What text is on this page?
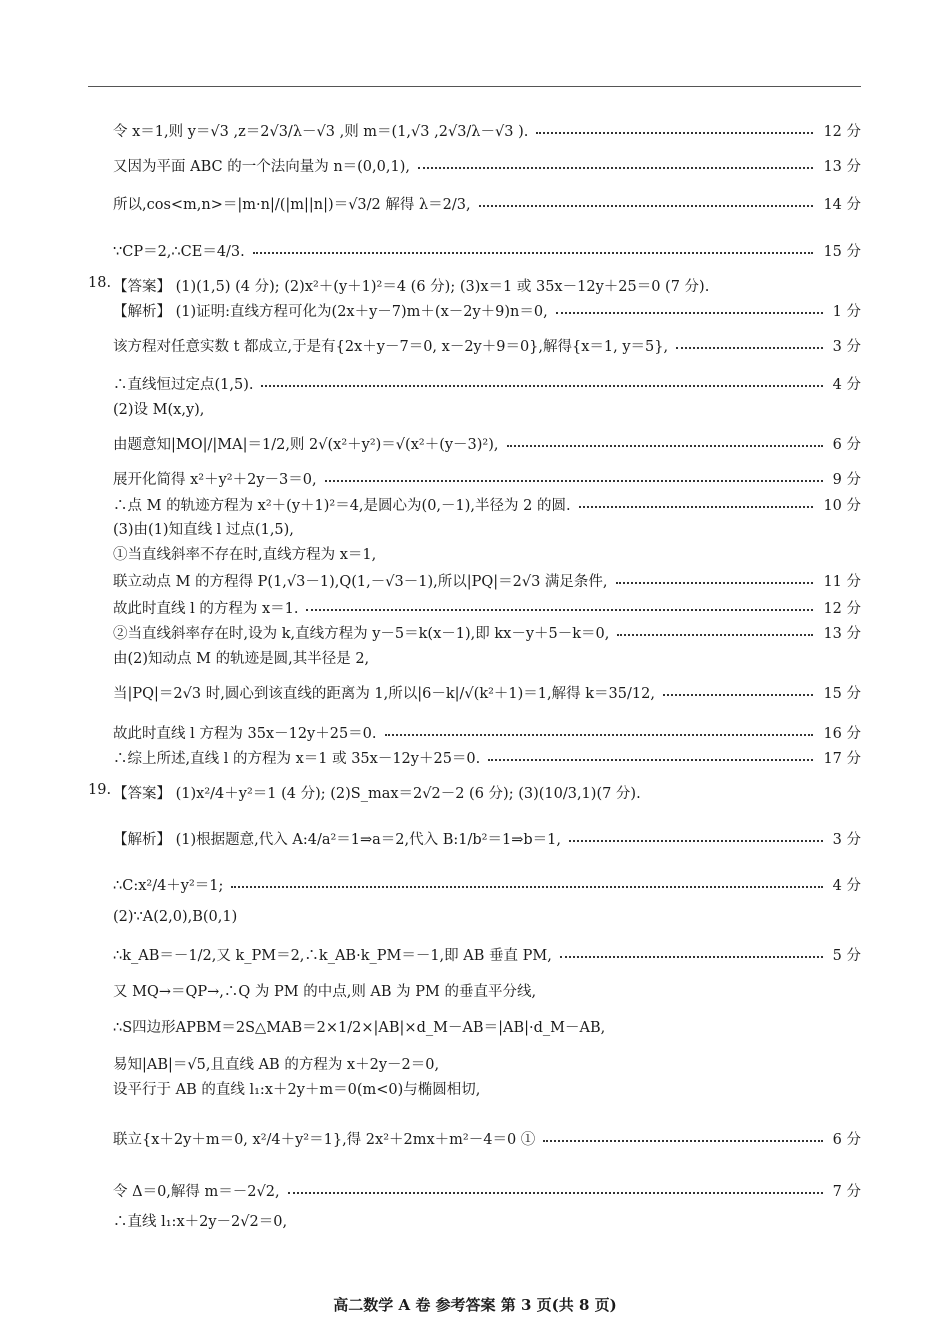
令 x＝1,则 y＝√3 ,z＝2√3/λ－√3 ,则 m＝(1,√3 ,2√3/λ－√3 ).	12 分
又因为平面 ABC 的一个法向量为 n＝(0,0,1),	13 分
所以,cos<m,n>＝|m·n|/(|m||n|)＝√3/2 解得 λ＝2/3,	14 分
∵CP＝2,∴CE＝4/3.	15 分
18. 【答案】 (1)(1,5) (4 分); (2)x²＋(y＋1)²＝4 (6 分); (3)x＝1 或 35x－12y＋25＝0 (7 分).
【解析】 (1)证明:直线方程可化为(2x＋y－7)m＋(x－2y＋9)n＝0,	1 分
该方程对任意实数 t 都成立,于是有{2x＋y－7＝0, x－2y＋9＝0},解得{x＝1, y＝5},	3 分
∴直线恒过定点(1,5).	4 分
(2)设 M(x,y),
由题意知|MO|/|MA|＝1/2,则 2√(x²＋y²)＝√(x²＋(y－3)²),	6 分
展开化简得 x²＋y²＋2y－3＝0,	9 分
∴点 M 的轨迹方程为 x²＋(y＋1)²＝4,是圆心为(0,－1),半径为 2 的圆.	10 分
(3)由(1)知直线 l 过点(1,5),
①当直线斜率不存在时,直线方程为 x＝1,
联立动点 M 的方程得 P(1,√3－1),Q(1,－√3－1),所以|PQ|＝2√3 满足条件,	11 分
故此时直线 l 的方程为 x＝1.	12 分
②当直线斜率存在时,设为 k,直线方程为 y－5＝k(x－1),即 kx－y＋5－k＝0,	13 分
由(2)知动点 M 的轨迹是圆,其半径是 2,
当|PQ|＝2√3 时,圆心到该直线的距离为 1,所以|6－k|/√(k²＋1)＝1,解得 k＝35/12,	15 分
故此时直线 l 方程为 35x－12y＋25＝0.	16 分
∴综上所述,直线 l 的方程为 x＝1 或 35x－12y＋25＝0.	17 分
19. 【答案】 (1)x²/4＋y²＝1 (4 分); (2)S_max＝2√2－2 (6 分); (3)(10/3,1)(7 分).
【解析】 (1)根据题意,代入 A:4/a²＝1⇒a＝2,代入 B:1/b²＝1⇒b＝1,	3 分
∴C:x²/4＋y²＝1;	4 分
(2)∵A(2,0),B(0,1)
∴k_AB＝－1/2,又 k_PM＝2,∴k_AB·k_PM＝－1,即 AB 垂直 PM,	5 分
又 MQ→＝QP→,∴Q 为 PM 的中点,则 AB 为 PM 的垂直平分线,
∴S四边形APBM＝2S△MAB＝2×1/2×|AB|×d_M－AB＝|AB|·d_M－AB,
易知|AB|＝√5,且直线 AB 的方程为 x＋2y－2＝0,
设平行于 AB 的直线 l₁:x＋2y＋m＝0(m<0)与椭圆相切,
联立{x＋2y＋m＝0, x²/4＋y²＝1},得 2x²＋2mx＋m²－4＝0 ①	6 分
令 Δ＝0,解得 m＝－2√2,	7 分
∴直线 l₁:x＋2y－2√2＝0,
高二数学 A 卷 参考答案 第 3 页(共 8 页)
